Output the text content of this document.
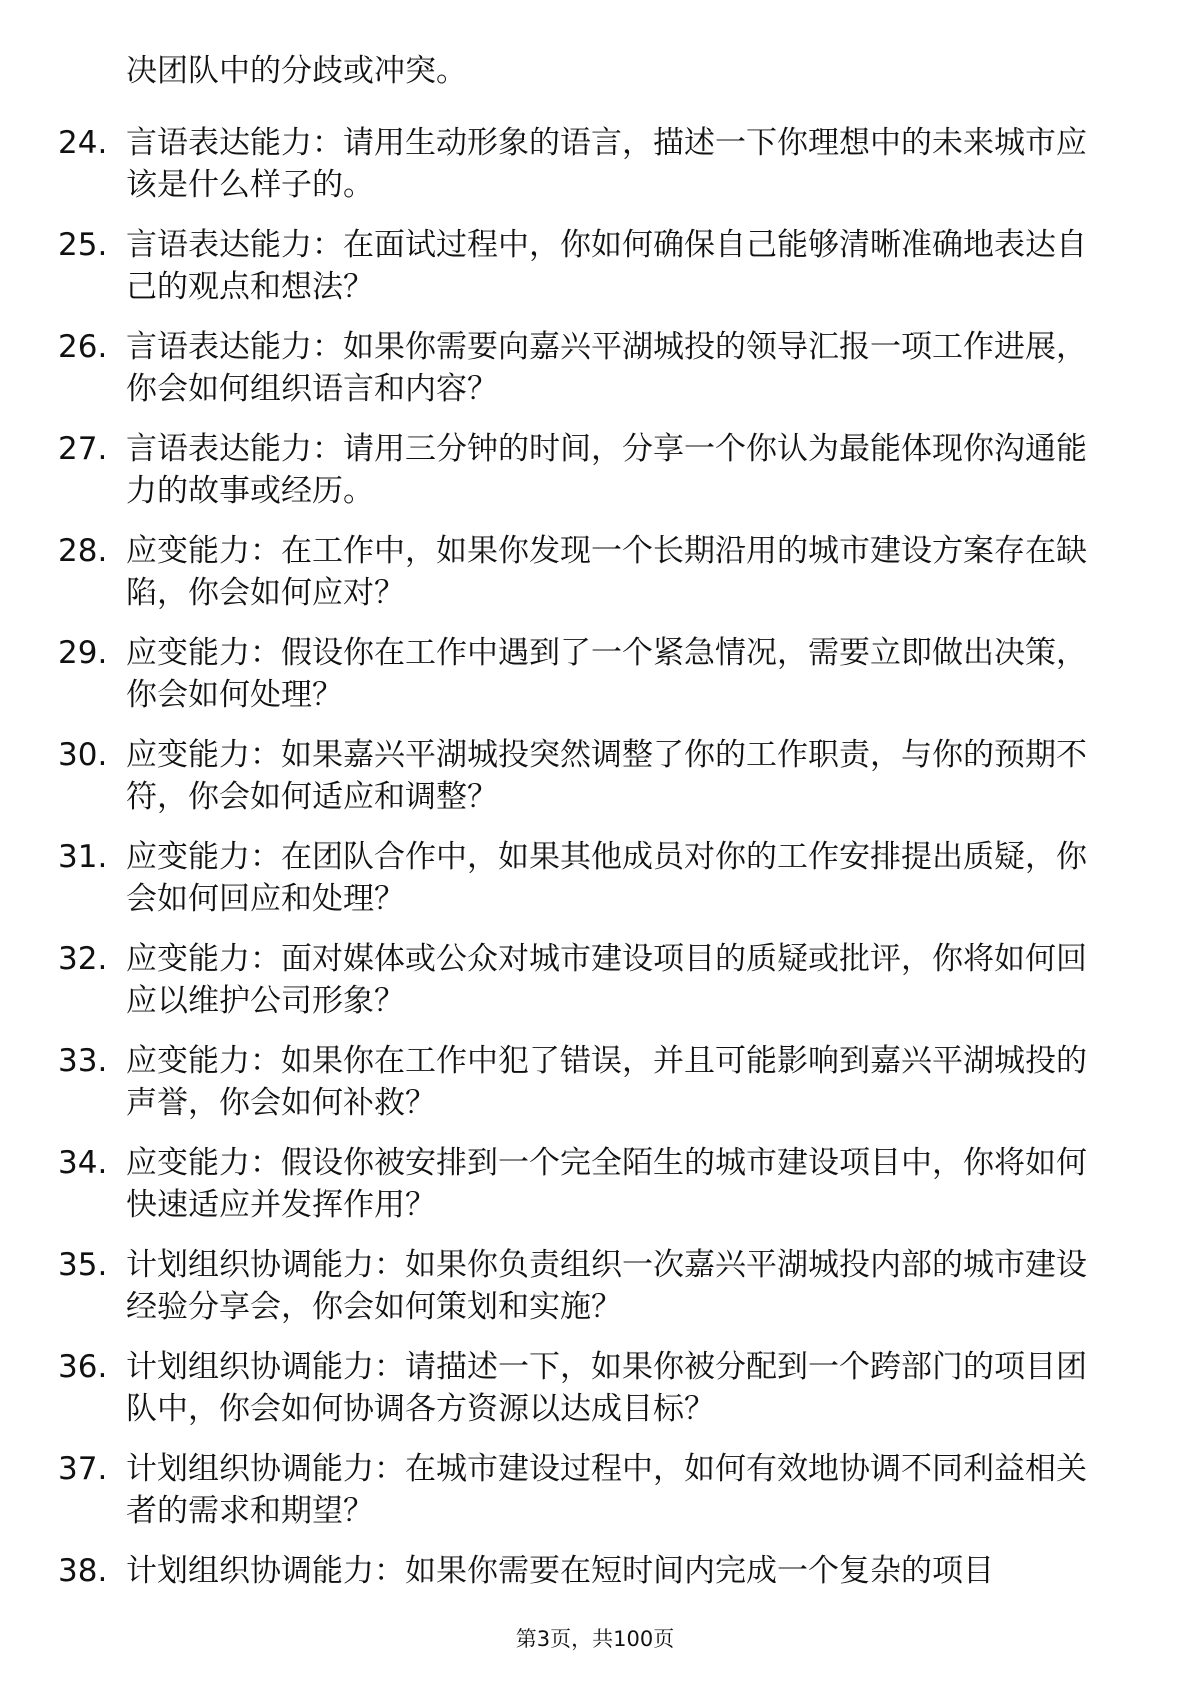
决团队中的分歧或冲突。
24. 言语表达能力：请用生动形象的语言，描述一下你理想中的未来城市应该是什么样子的。
25. 言语表达能力：在面试过程中，你如何确保自己能够清晰准确地表达自己的观点和想法？
26. 言语表达能力：如果你需要向嘉兴平湖城投的领导汇报一项工作进展，你会如何组织语言和内容？
27. 言语表达能力：请用三分钟的时间，分享一个你认为最能体现你沟通能力的故事或经历。
28. 应变能力：在工作中，如果你发现一个长期沿用的城市建设方案存在缺陷，你会如何应对？
29. 应变能力：假设你在工作中遇到了一个紧急情况，需要立即做出决策，你会如何处理？
30. 应变能力：如果嘉兴平湖城投突然调整了你的工作职责，与你的预期不符，你会如何适应和调整？
31. 应变能力：在团队合作中，如果其他成员对你的工作安排提出质疑，你会如何回应和处理？
32. 应变能力：面对媒体或公众对城市建设项目的质疑或批评，你将如何回应以维护公司形象？
33. 应变能力：如果你在工作中犯了错误，并且可能影响到嘉兴平湖城投的声誉，你会如何补救？
34. 应变能力：假设你被安排到一个完全陌生的城市建设项目中，你将如何快速适应并发挥作用？
35. 计划组织协调能力：如果你负责组织一次嘉兴平湖城投内部的城市建设经验分享会，你会如何策划和实施？
36. 计划组织协调能力：请描述一下，如果你被分配到一个跨部门的项目团队中，你会如何协调各方资源以达成目标？
37. 计划组织协调能力：在城市建设过程中，如何有效地协调不同利益相关者的需求和期望？
38. 计划组织协调能力：如果你需要在短时间内完成一个复杂的项目
第3页，共100页
